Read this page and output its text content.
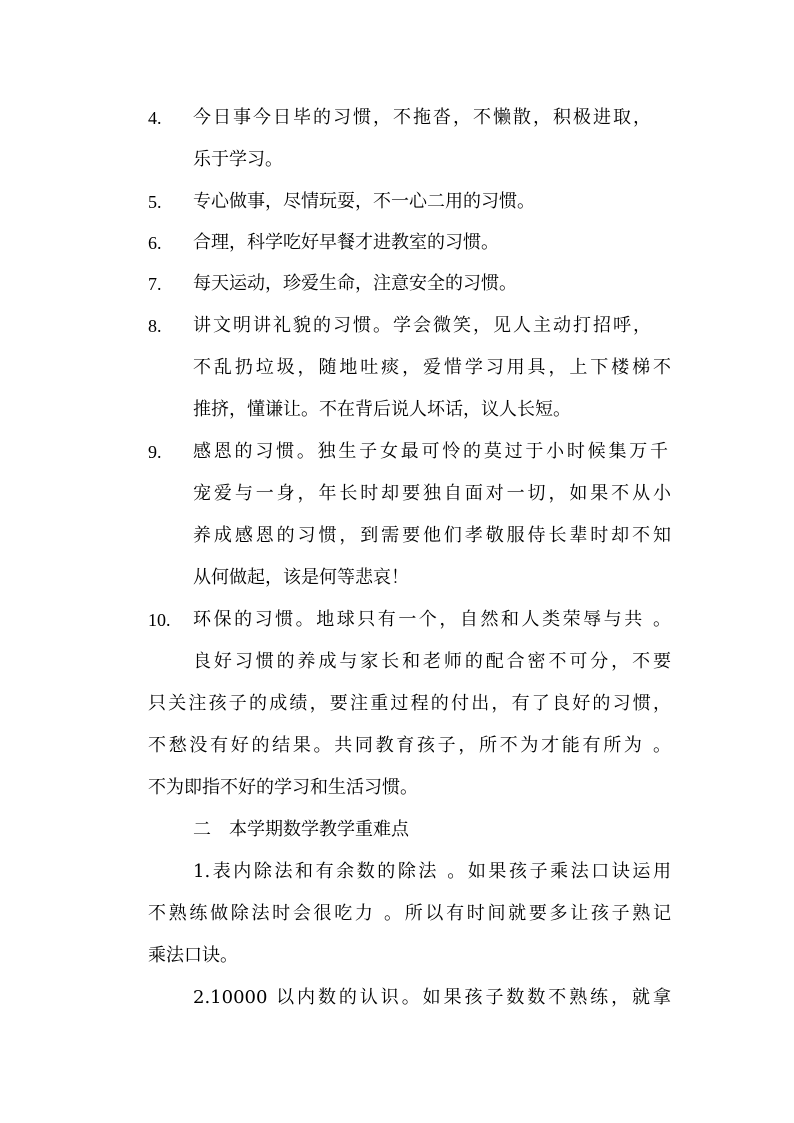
4. 今日事今日毕的习惯，不拖沓，不懒散，积极进取，
乐于学习。
5. 专心做事，尽情玩耍，不一心二用的习惯。
6. 合理，科学吃好早餐才进教室的习惯。
7. 每天运动，珍爱生命，注意安全的习惯。
8. 讲文明讲礼貌的习惯。学会微笑，见人主动打招呼，
不乱扔垃圾，随地吐痰，爱惜学习用具，上下楼梯不
推挤，懂谦让。不在背后说人坏话，议人长短。
9. 感恩的习惯。独生子女最可怜的莫过于小时候集万千
宠爱与一身，年长时却要独自面对一切，如果不从小
养成感恩的习惯，到需要他们孝敬服侍长辈时却不知
从何做起，该是何等悲哀！
10. 环保的习惯。地球只有一个，自然和人类荣辱与共 。
良好习惯的养成与家长和老师的配合密不可分，不要
只关注孩子的成绩，要注重过程的付出，有了良好的习惯，
不愁没有好的结果。共同教育孩子，所不为才能有所为 。
不为即指不好的学习和生活习惯。
二　本学期数学教学重难点
1.表内除法和有余数的除法 。如果孩子乘法口诀运用
不熟练做除法时会很吃力 。所以有时间就要多让孩子熟记
乘法口诀。
2.10000 以内数的认识。如果孩子数数不熟练，就拿
